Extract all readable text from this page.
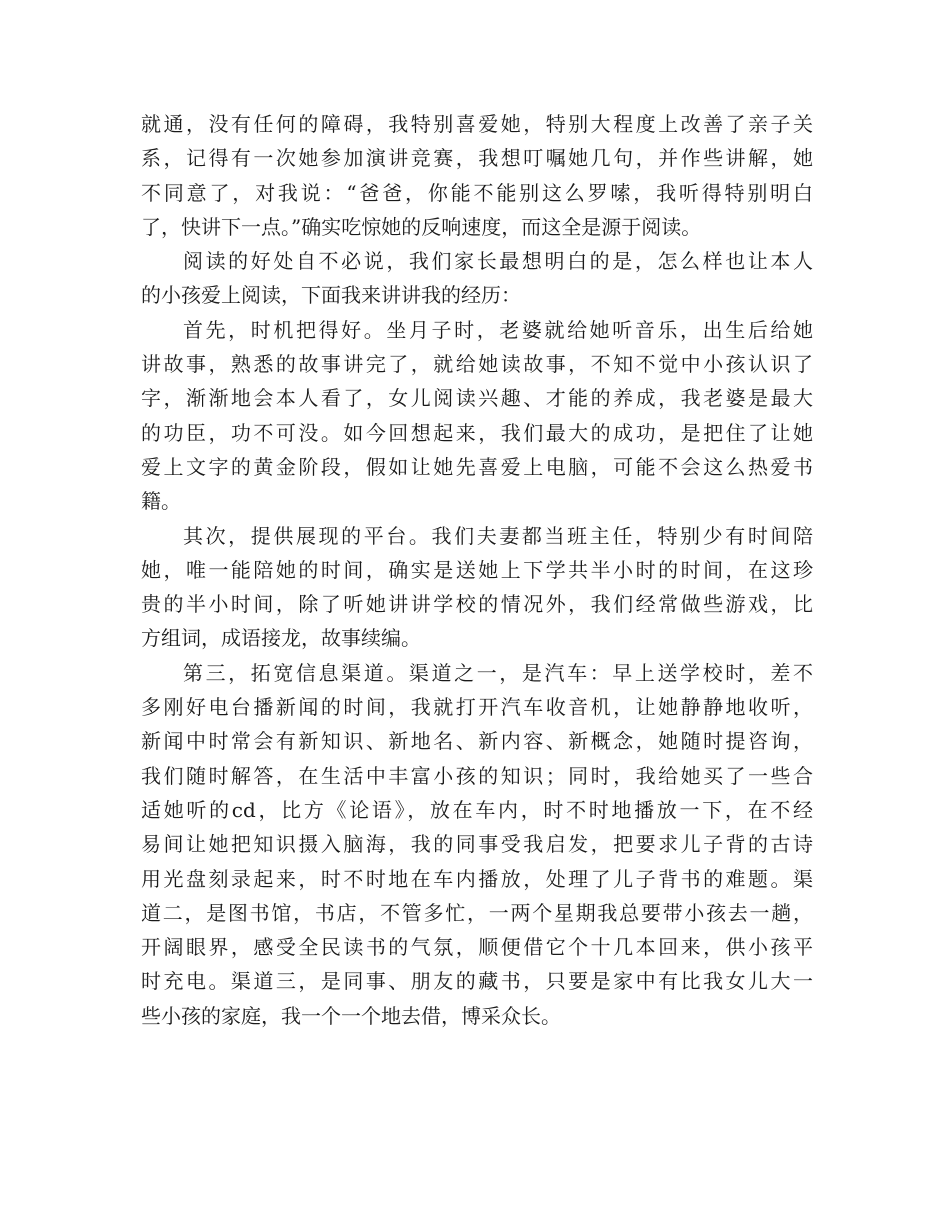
就通，没有任何的障碍，我特别喜爱她，特别大程度上改善了亲子关
系，记得有一次她参加演讲竞赛，我想叮嘱她几句，并作些讲解，她
不同意了，对我说：“爸爸，你能不能别这么罗嗦，我听得特别明白
了，快讲下一点。”确实吃惊她的反响速度，而这全是源于阅读。
阅读的好处自不必说，我们家长最想明白的是，怎么样也让本人
的小孩爱上阅读，下面我来讲讲我的经历：
首先，时机把得好。坐月子时，老婆就给她听音乐，出生后给她
讲故事，熟悉的故事讲完了，就给她读故事，不知不觉中小孩认识了
字，渐渐地会本人看了，女儿阅读兴趣、才能的养成，我老婆是最大
的功臣，功不可没。如今回想起来，我们最大的成功，是把住了让她
爱上文字的黄金阶段，假如让她先喜爱上电脑，可能不会这么热爱书
籍。
其次，提供展现的平台。我们夫妻都当班主任，特别少有时间陪
她，唯一能陪她的时间，确实是送她上下学共半小时的时间，在这珍
贵的半小时间，除了听她讲讲学校的情况外，我们经常做些游戏，比
方组词，成语接龙，故事续编。
第三，拓宽信息渠道。渠道之一，是汽车：早上送学校时，差不
多刚好电台播新闻的时间，我就打开汽车收音机，让她静静地收听，
新闻中时常会有新知识、新地名、新内容、新概念，她随时提咨询，
我们随时解答，在生活中丰富小孩的知识；同时，我给她买了一些合
适她听的cd，比方《论语》，放在车内，时不时地播放一下，在不经
易间让她把知识摄入脑海，我的同事受我启发，把要求儿子背的古诗
用光盘刻录起来，时不时地在车内播放，处理了儿子背书的难题。渠
道二，是图书馆，书店，不管多忙，一两个星期我总要带小孩去一趟，
开阔眼界，感受全民读书的气氛，顺便借它个十几本回来，供小孩平
时充电。渠道三，是同事、朋友的藏书，只要是家中有比我女儿大一
些小孩的家庭，我一个一个地去借，博采众长。
